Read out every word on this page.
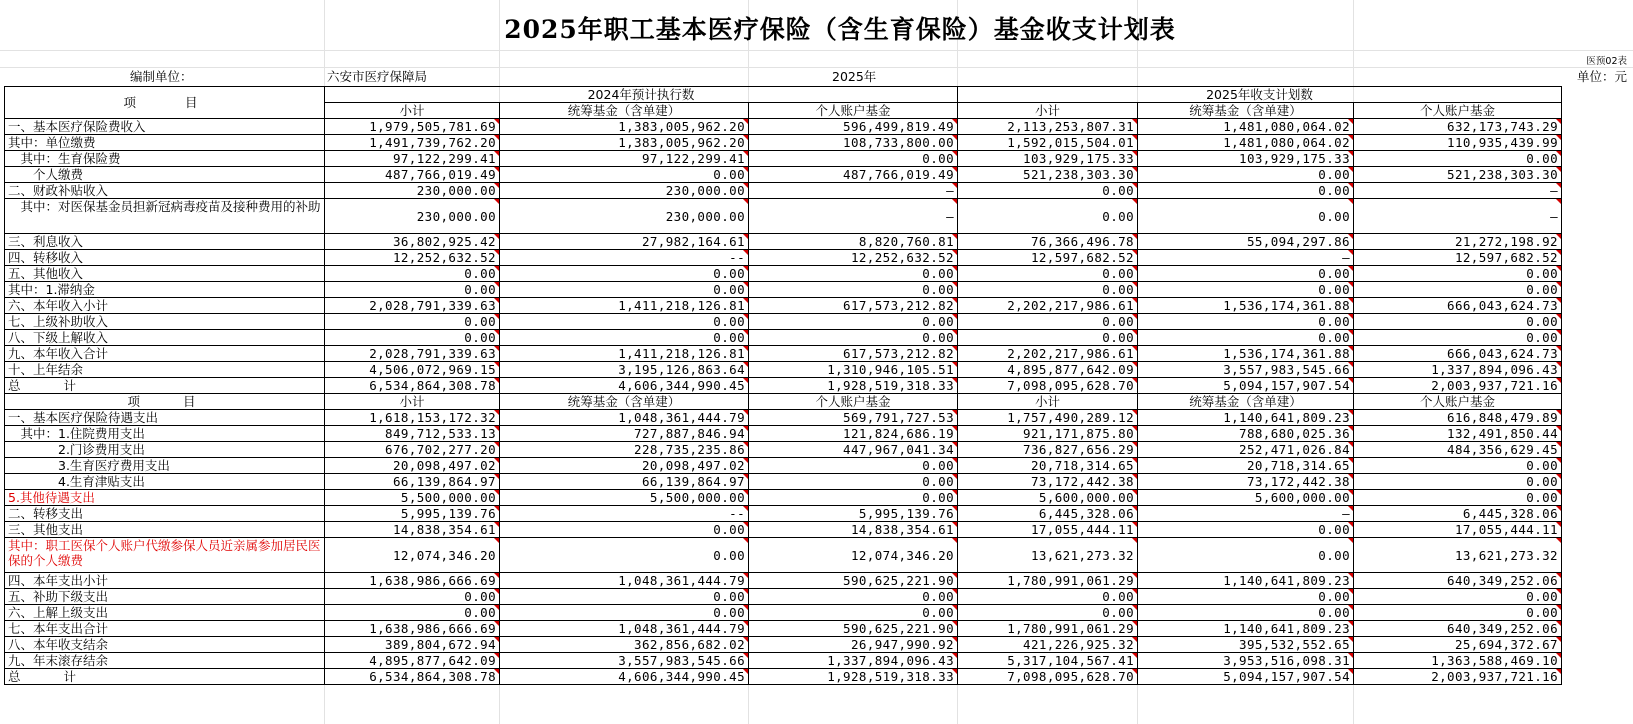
2025年职工基本医疗保险（含生育保险）基金收支计划表
医预02表
编制单位：	六安市医疗保障局	2025年	单位：元
项　　目	2024年预计执行数			2025年收支计划数		
	小计	统筹基金（含单建）	个人账户基金	小计	统筹基金（含单建）	个人账户基金
一、基本医疗保险费收入	1,979,505,781.69	1,383,005,962.20	596,499,819.49	2,113,253,807.31	1,481,080,064.02	632,173,743.29
其中：单位缴费	1,491,739,762.20	1,383,005,962.20	108,733,800.00	1,592,015,504.01	1,481,080,064.02	110,935,439.99
　其中：生育保险费	97,122,299.41	97,122,299.41	0.00	103,929,175.33	103,929,175.33	0.00
　　个人缴费	487,766,019.49	0.00	487,766,019.49	521,238,303.30	0.00	521,238,303.30
二、财政补贴收入	230,000.00	230,000.00	—	0.00	0.00	—
　其中：对医保基金员担新冠病毒疫苗及接种费用的补助	230,000.00	230,000.00	—	0.00	0.00	—
三、利息收入	36,802,925.42	27,982,164.61	8,820,760.81	76,366,496.78	55,094,297.86	21,272,198.92
四、转移收入	12,252,632.52	--	12,252,632.52	12,597,682.52	—	12,597,682.52
五、其他收入	0.00	0.00	0.00	0.00	0.00	0.00
其中：1.滞纳金	0.00	0.00	0.00	0.00	0.00	0.00
六、本年收入小计	2,028,791,339.63	1,411,218,126.81	617,573,212.82	2,202,217,986.61	1,536,174,361.88	666,043,624.73
七、上级补助收入	0.00	0.00	0.00	0.00	0.00	0.00
八、下级上解收入	0.00	0.00	0.00	0.00	0.00	0.00
九、本年收入合计	2,028,791,339.63	1,411,218,126.81	617,573,212.82	2,202,217,986.61	1,536,174,361.88	666,043,624.73
十、上年结余	4,506,072,969.15	3,195,126,863.64	1,310,946,105.51	4,895,877,642.09	3,557,983,545.66	1,337,894,096.43
总　　计	6,534,864,308.78	4,606,344,990.45	1,928,519,318.33	7,098,095,628.70	5,094,157,907.54	2,003,937,721.16
项　　目	小计	统筹基金（含单建）	个人账户基金	小计	统筹基金（含单建）	个人账户基金
一、基本医疗保险待遇支出	1,618,153,172.32	1,048,361,444.79	569,791,727.53	1,757,490,289.12	1,140,641,809.23	616,848,479.89
　其中：1.住院费用支出	849,712,533.13	727,887,846.94	121,824,686.19	921,171,875.80	788,680,025.36	132,491,850.44
　　　　2.门诊费用支出	676,702,277.20	228,735,235.86	447,967,041.34	736,827,656.29	252,471,026.84	484,356,629.45
　　　　3.生育医疗费用支出	20,098,497.02	20,098,497.02	0.00	20,718,314.65	20,718,314.65	0.00
　　　　4.生育津贴支出	66,139,864.97	66,139,864.97	0.00	73,172,442.38	73,172,442.38	0.00
5.其他待遇支出	5,500,000.00	5,500,000.00	0.00	5,600,000.00	5,600,000.00	0.00
二、转移支出	5,995,139.76	--	5,995,139.76	6,445,328.06	—	6,445,328.06
三、其他支出	14,838,354.61	0.00	14,838,354.61	17,055,444.11	0.00	17,055,444.11
其中：职工医保个人账户代缴参保人员近亲属参加居民医保的个人缴费	12,074,346.20	0.00	12,074,346.20	13,621,273.32	0.00	13,621,273.32
四、本年支出小计	1,638,986,666.69	1,048,361,444.79	590,625,221.90	1,780,991,061.29	1,140,641,809.23	640,349,252.06
五、补助下级支出	0.00	0.00	0.00	0.00	0.00	0.00
六、上解上级支出	0.00	0.00	0.00	0.00	0.00	0.00
七、本年支出合计	1,638,986,666.69	1,048,361,444.79	590,625,221.90	1,780,991,061.29	1,140,641,809.23	640,349,252.06
八、本年收支结余	389,804,672.94	362,856,682.02	26,947,990.92	421,226,925.32	395,532,552.65	25,694,372.67
九、年末滚存结余	4,895,877,642.09	3,557,983,545.66	1,337,894,096.43	5,317,104,567.41	3,953,516,098.31	1,363,588,469.10
总　　计	6,534,864,308.78	4,606,344,990.45	1,928,519,318.33	7,098,095,628.70	5,094,157,907.54	2,003,937,721.16
